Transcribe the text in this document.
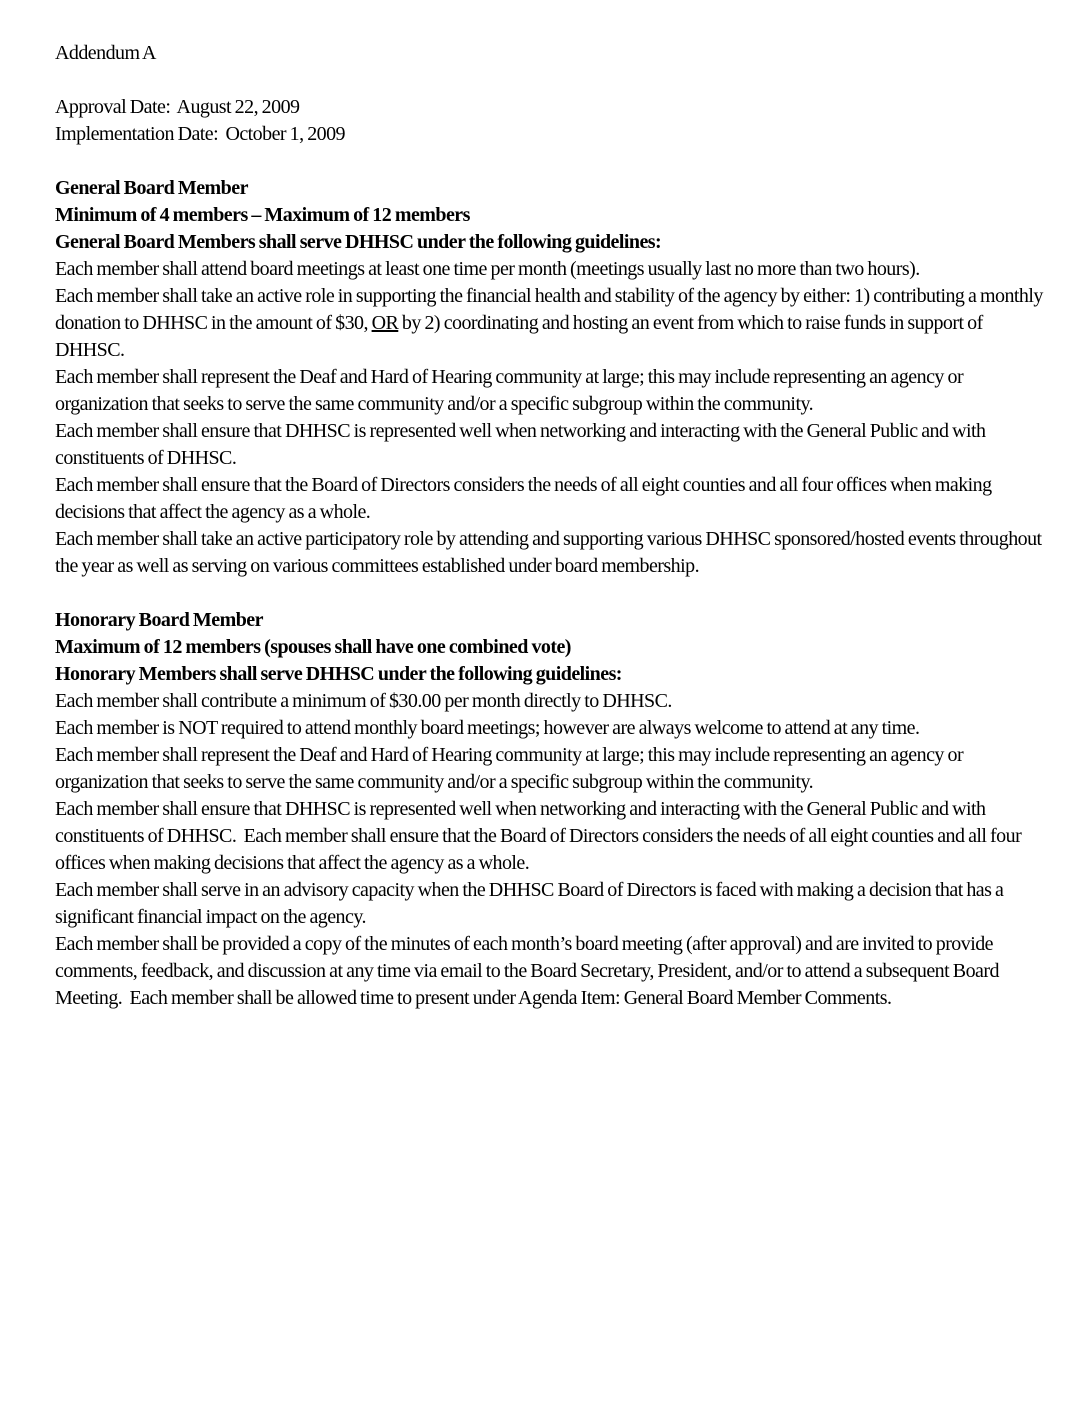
Addendum A
Approval Date:  August 22, 2009
Implementation Date:  October 1, 2009
General Board Member
Minimum of 4 members – Maximum of 12 members
General Board Members shall serve DHHSC under the following guidelines:
Each member shall attend board meetings at least one time per month (meetings usually last no more than two hours).
Each member shall take an active role in supporting the financial health and stability of the agency by either: 1) contributing a monthly donation to DHHSC in the amount of $30, OR by 2) coordinating and hosting an event from which to raise funds in support of DHHSC.
Each member shall represent the Deaf and Hard of Hearing community at large; this may include representing an agency or organization that seeks to serve the same community and/or a specific subgroup within the community.
Each member shall ensure that DHHSC is represented well when networking and interacting with the General Public and with constituents of DHHSC.
Each member shall ensure that the Board of Directors considers the needs of all eight counties and all four offices when making decisions that affect the agency as a whole.
Each member shall take an active participatory role by attending and supporting various DHHSC sponsored/hosted events throughout the year as well as serving on various committees established under board membership.
Honorary Board Member
Maximum of 12 members (spouses shall have one combined vote)
Honorary Members shall serve DHHSC under the following guidelines:
Each member shall contribute a minimum of $30.00 per month directly to DHHSC.
Each member is NOT required to attend monthly board meetings; however are always welcome to attend at any time.
Each member shall represent the Deaf and Hard of Hearing community at large; this may include representing an agency or organization that seeks to serve the same community and/or a specific subgroup within the community.
Each member shall ensure that DHHSC is represented well when networking and interacting with the General Public and with constituents of DHHSC.  Each member shall ensure that the Board of Directors considers the needs of all eight counties and all four offices when making decisions that affect the agency as a whole.
Each member shall serve in an advisory capacity when the DHHSC Board of Directors is faced with making a decision that has a significant financial impact on the agency.
Each member shall be provided a copy of the minutes of each month’s board meeting (after approval) and are invited to provide comments, feedback, and discussion at any time via email to the Board Secretary, President, and/or to attend a subsequent Board Meeting.  Each member shall be allowed time to present under Agenda Item: General Board Member Comments.
